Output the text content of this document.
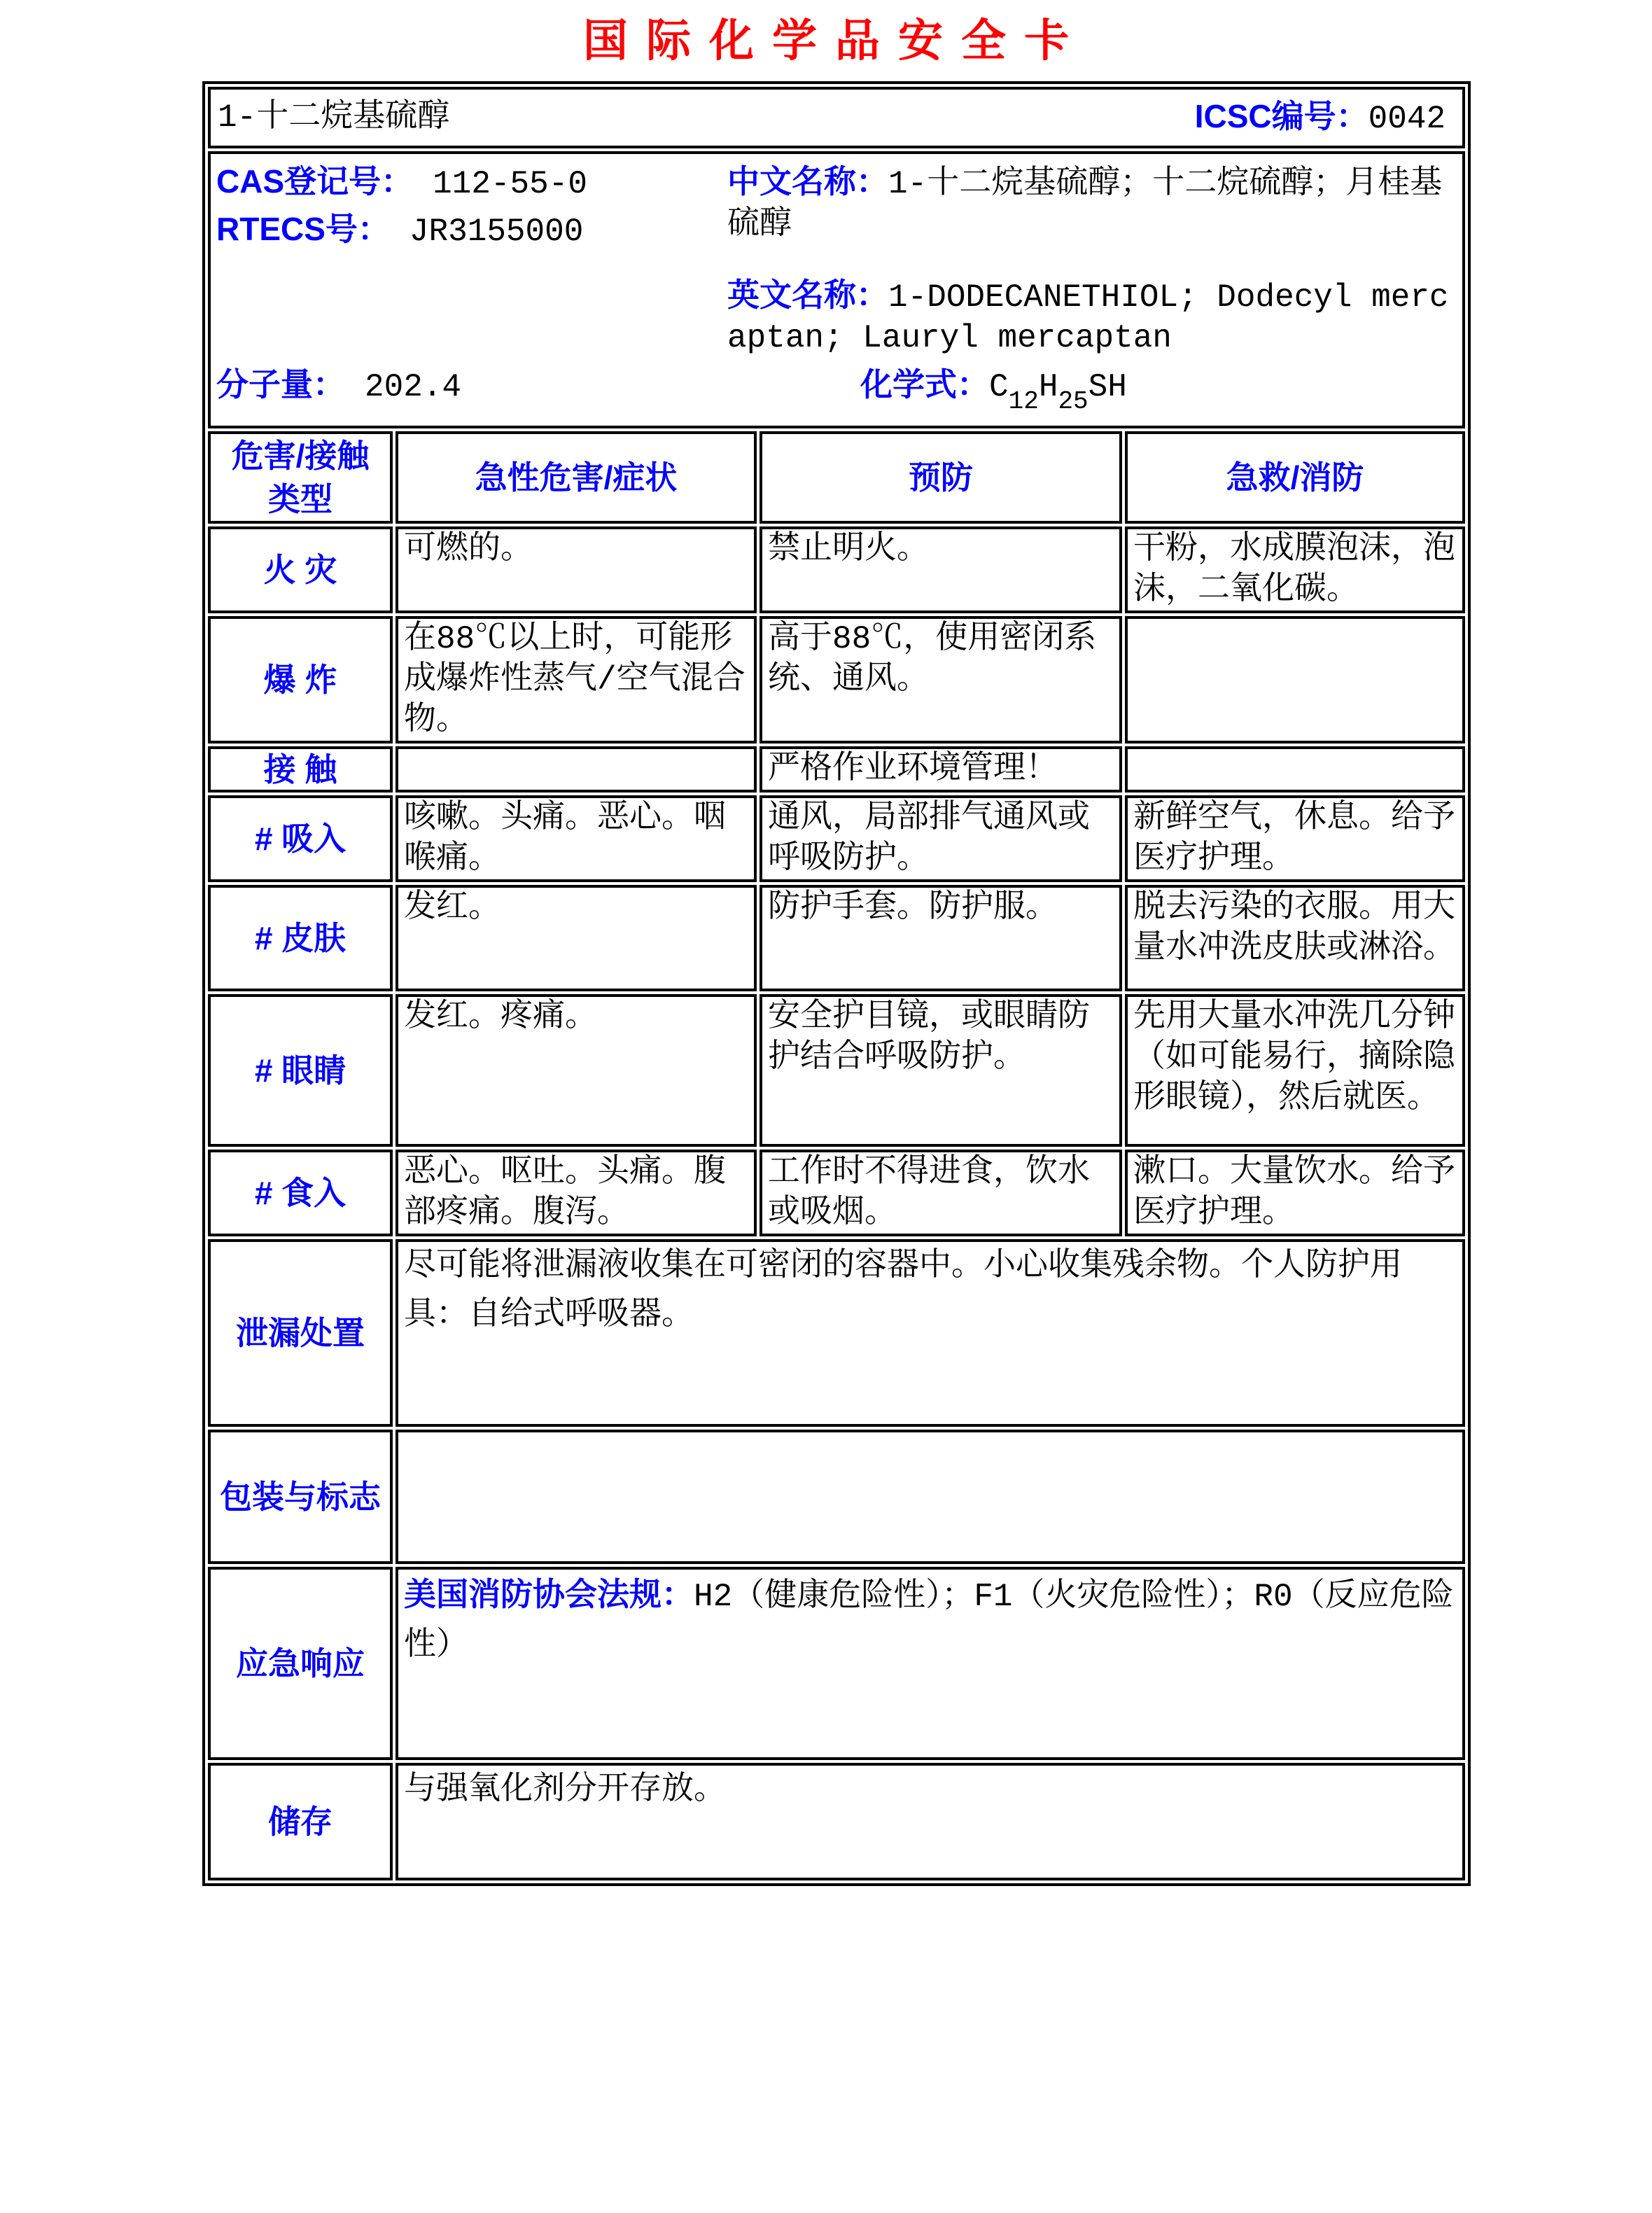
国际化学品安全卡
1-十二烷基硫醇 ICSC编号：0042			

CAS登记号： 112-55-0

RTECS号： JR3155000

中文名称：1-十二烷基硫醇；十二烷硫醇；月桂基硫醇

英文名称：1-DODECANETHIOL; Dodecyl mercaptan; Lauryl mercaptan

分子量： 202.4	化学式：$C_{12}H_{25}SH$

危害/接触
类型	急性危害/症状	预防	急救/消防
火 灾	可燃的。	禁止明火。	干粉，水成膜泡沫，泡沫，二氧化碳。
爆 炸	在88℃以上时，可能形成爆炸性蒸气/空气混合物。	高于88℃，使用密闭系统、通风。	
接 触		严格作业环境管理！	
# 吸入	咳嗽。头痛。恶心。咽喉痛。	通风，局部排气通风或呼吸防护。	新鲜空气，休息。给予医疗护理。
# 皮肤	发红。	防护手套。防护服。	脱去污染的衣服。用大量水冲洗皮肤或淋浴。
# 眼睛	发红。疼痛。	安全护目镜，或眼睛防护结合呼吸防护。	先用大量水冲洗几分钟（如可能易行，摘除隐形眼镜），然后就医。
# 食入	恶心。呕吐。头痛。腹部疼痛。腹泻。	工作时不得进食，饮水或吸烟。	漱口。大量饮水。给予医疗护理。
泄漏处置	尽可能将泄漏液收集在可密闭的容器中。小心收集残余物。个人防护用具：自给式呼吸器。		
包装与标志			
应急响应	美国消防协会法规：H2（健康危险性）；F1（火灾危险性）；R0（反应危险性）		
储存	与强氧化剂分开存放。		
